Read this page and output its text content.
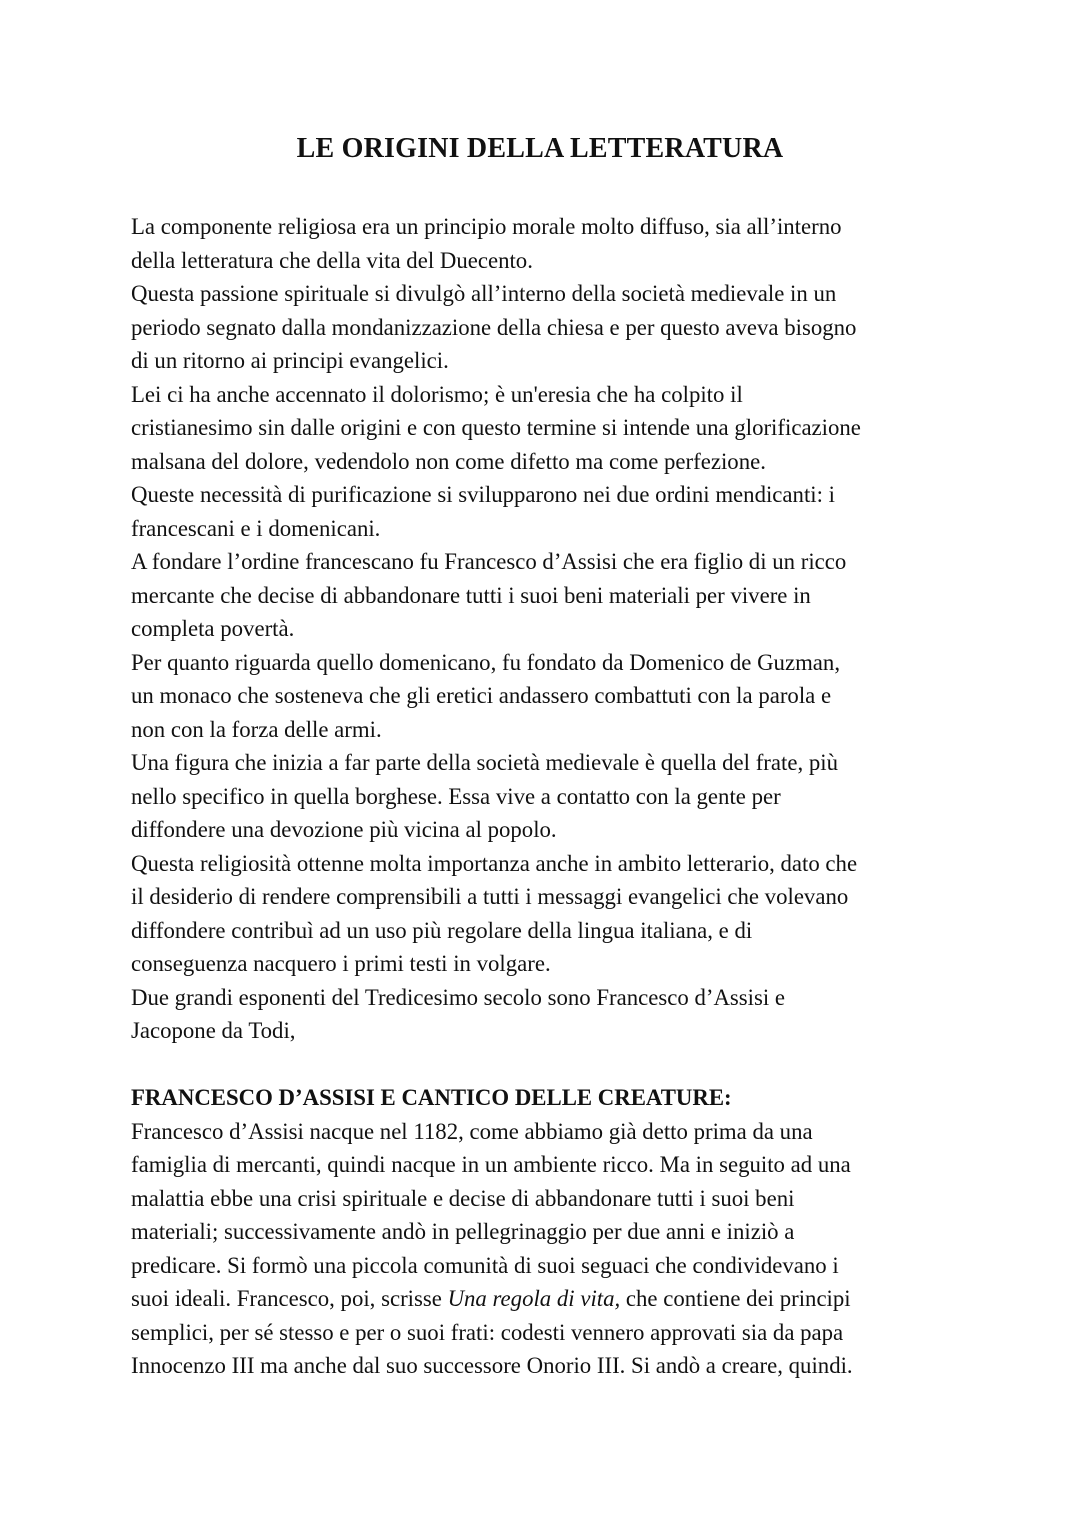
LE ORIGINI DELLA LETTERATURA

La componente religiosa era un principio morale molto diffuso, sia all’interno

della letteratura che della vita del Duecento.

Questa passione spirituale si divulgò all’interno della società medievale in un

periodo segnato dalla mondanizzazione della chiesa e per questo aveva bisogno

di un ritorno ai principi evangelici.

Lei ci ha anche accennato il dolorismo; è un'eresia che ha colpito il

cristianesimo sin dalle origini e con questo termine si intende una glorificazione

malsana del dolore, vedendolo non come difetto ma come perfezione.

Queste necessità di purificazione si svilupparono nei due ordini mendicanti: i

francescani e i domenicani.

A fondare l’ordine francescano fu Francesco d’Assisi che era figlio di un ricco

mercante che decise di abbandonare tutti i suoi beni materiali per vivere in

completa povertà.

Per quanto riguarda quello domenicano, fu fondato da Domenico de Guzman,

un monaco che sosteneva che gli eretici andassero combattuti con la parola e

non con la forza delle armi.

Una figura che inizia a far parte della società medievale è quella del frate, più

nello specifico in quella borghese. Essa vive a contatto con la gente per

diffondere una devozione più vicina al popolo.

Questa religiosità ottenne molta importanza anche in ambito letterario, dato che

il desiderio di rendere comprensibili a tutti i messaggi evangelici che volevano

diffondere contribuì ad un uso più regolare della lingua italiana, e di

conseguenza nacquero i primi testi in volgare.

Due grandi esponenti del Tredicesimo secolo sono Francesco d’Assisi e

Jacopone da Todi,

FRANCESCO D’ASSISI E CANTICO DELLE CREATURE:

Francesco d’Assisi nacque nel 1182, come abbiamo già detto prima da una

famiglia di mercanti, quindi nacque in un ambiente ricco. Ma in seguito ad una

malattia ebbe una crisi spirituale e decise di abbandonare tutti i suoi beni

materiali; successivamente andò in pellegrinaggio per due anni e iniziò a

predicare. Si formò una piccola comunità di suoi seguaci che condividevano i

suoi ideali. Francesco, poi, scrisse Una regola di vita, che contiene dei principi

semplici, per sé stesso e per o suoi frati: codesti vennero approvati sia da papa

Innocenzo III ma anche dal suo successore Onorio III. Si andò a creare, quindi.
